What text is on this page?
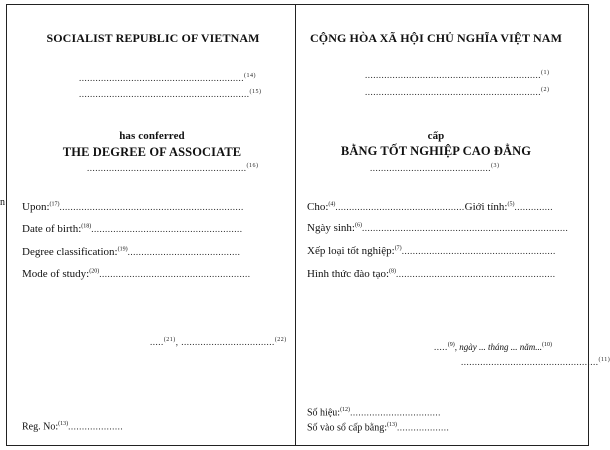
n
SOCIALIST REPUBLIC OF VIETNAM
............................................................$^{(14)}$
..............................................................$^{(15)}$
has conferred
THE DEGREE OF ASSOCIATE
..........................................................$^{(16)}$
Upon:$^{(17)}$...................................................................
Date of birth:$^{(18)}$.......................................................
Degree classification:$^{(19)}$.........................................
Mode of study:$^{(20)}$.......................................................
.....$^{(21)}$, ..................................$^{(22)}$
Reg. No:$^{(13)}$....................
CỘNG HÒA XÃ HỘI CHỦ NGHĨA VIỆT NAM
................................................................$^{(1)}$
................................................................$^{(2)}$
cấp
BẰNG TỐT NGHIỆP CAO ĐẲNG
............................................$^{(3)}$
Cho:$^{(4)}$...............................................Giới tính:$^{(5)}$..............
Ngày sinh:$^{(6)}$...........................................................................
Xếp loại tốt nghiệp:$^{(7)}$........................................................
Hình thức đào tạo:$^{(8)}$..........................................................
.....$^{(9)}$, ngày ... tháng ... năm...$^{(10)}$
..................................................$^{(11)}$
Số hiệu:$^{(12)}$.................................
Số vào sổ cấp bằng:$^{(13)}$...................
